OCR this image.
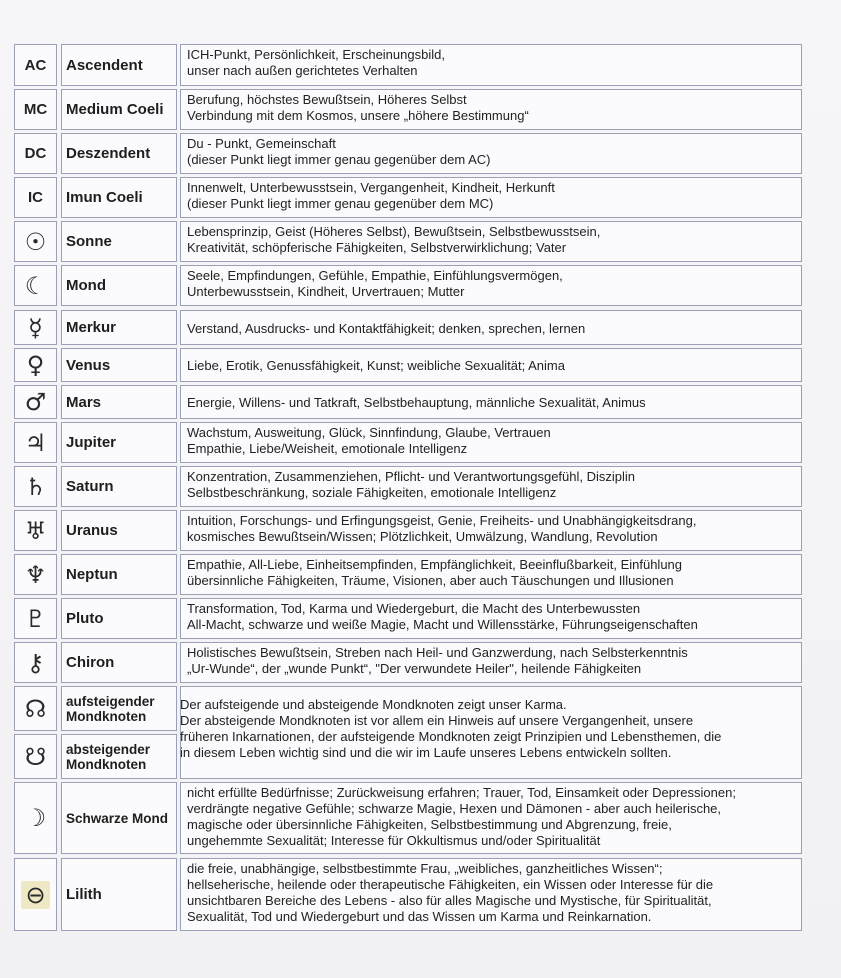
AC Ascendent
ICH-Punkt, Persönlichkeit, Erscheinungsbild,
unser nach außen gerichtetes Verhalten
MC Medium Coeli
Berufung, höchstes Bewußtsein, Höheres Selbst
Verbindung mit dem Kosmos, unsere „höhere Bestimmung“
DC Deszendent
Du - Punkt, Gemeinschaft
(dieser Punkt liegt immer genau gegenüber dem AC)
IC Imun Coeli
Innenwelt, Unterbewusstsein, Vergangenheit, Kindheit, Herkunft
(dieser Punkt liegt immer genau gegenüber dem MC)
☉ Sonne
Lebensprinzip, Geist (Höheres Selbst), Bewußtsein, Selbstbewusstsein,
Kreativität, schöpferische Fähigkeiten, Selbstverwirklichung; Vater
☾ Mond
Seele, Empfindungen, Gefühle, Empathie, Einfühlungsvermögen,
Unterbewusstsein, Kindheit, Urvertrauen; Mutter
☿ Merkur	Verstand, Ausdrucks- und Kontaktfähigkeit; denken, sprechen, lernen
♀ Venus	Liebe, Erotik, Genussfähigkeit, Kunst; weibliche Sexualität; Anima
♂ Mars	Energie, Willens- und Tatkraft, Selbstbehauptung, männliche Sexualität, Animus
♃ Jupiter
Wachstum, Ausweitung, Glück, Sinnfindung, Glaube, Vertrauen
Empathie, Liebe/Weisheit, emotionale Intelligenz
♄ Saturn
Konzentration, Zusammenziehen, Pflicht- und Verantwortungsgefühl, Disziplin
Selbstbeschränkung, soziale Fähigkeiten, emotionale Intelligenz
♅ Uranus
Intuition, Forschungs- und Erfingungsgeist, Genie, Freiheits- und Unabhängigkeitsdrang,
kosmisches Bewußtsein/Wissen; Plötzlichkeit, Umwälzung, Wandlung, Revolution
♆ Neptun
Empathie, All-Liebe, Einheitsempfinden, Empfänglichkeit, Beeinflußbarkeit, Einfühlung
übersinnliche Fähigkeiten, Träume, Visionen, aber auch Täuschungen und Illusionen
♇ Pluto
Transformation, Tod, Karma und Wiedergeburt, die Macht des Unterbewussten
All-Macht, schwarze und weiße Magie, Macht und Willensstärke, Führungseigenschaften
⚷ Chiron
Holistisches Bewußtsein, Streben nach Heil- und Ganzwerdung, nach Selbsterkenntnis
„Ur-Wunde“, der „wunde Punkt“, "Der verwundete Heiler", heilende Fähigkeiten
☊ aufsteigender Mondknoten
☋ absteigender Mondknoten
Der aufsteigende und absteigende Mondknoten zeigt unser Karma.
Der absteigende Mondknoten ist vor allem ein Hinweis auf unsere Vergangenheit, unsere
früheren Inkarnationen, der aufsteigende Mondknoten zeigt Prinzipien und Lebensthemen, die
in diesem Leben wichtig sind und die wir im Laufe unseres Lebens entwickeln sollten.
☽ Schwarze Mond
nicht erfüllte Bedürfnisse; Zurückweisung erfahren; Trauer, Tod, Einsamkeit oder Depressionen;
verdrängte negative Gefühle; schwarze Magie, Hexen und Dämonen - aber auch heilerische,
magische oder übersinnliche Fähigkeiten, Selbstbestimmung und Abgrenzung, freie,
ungehemmte Sexualität; Interesse für Okkultismus und/oder Spiritualität
⊖ Lilith
die freie, unabhängige, selbstbestimmte Frau, „weibliches, ganzheitliches Wissen“;
hellseherische, heilende oder therapeutische Fähigkeiten, ein Wissen oder Interesse für die
unsichtbaren Bereiche des Lebens - also für alles Magische und Mystische, für Spiritualität,
Sexualität, Tod und Wiedergeburt und das Wissen um Karma und Reinkarnation.
